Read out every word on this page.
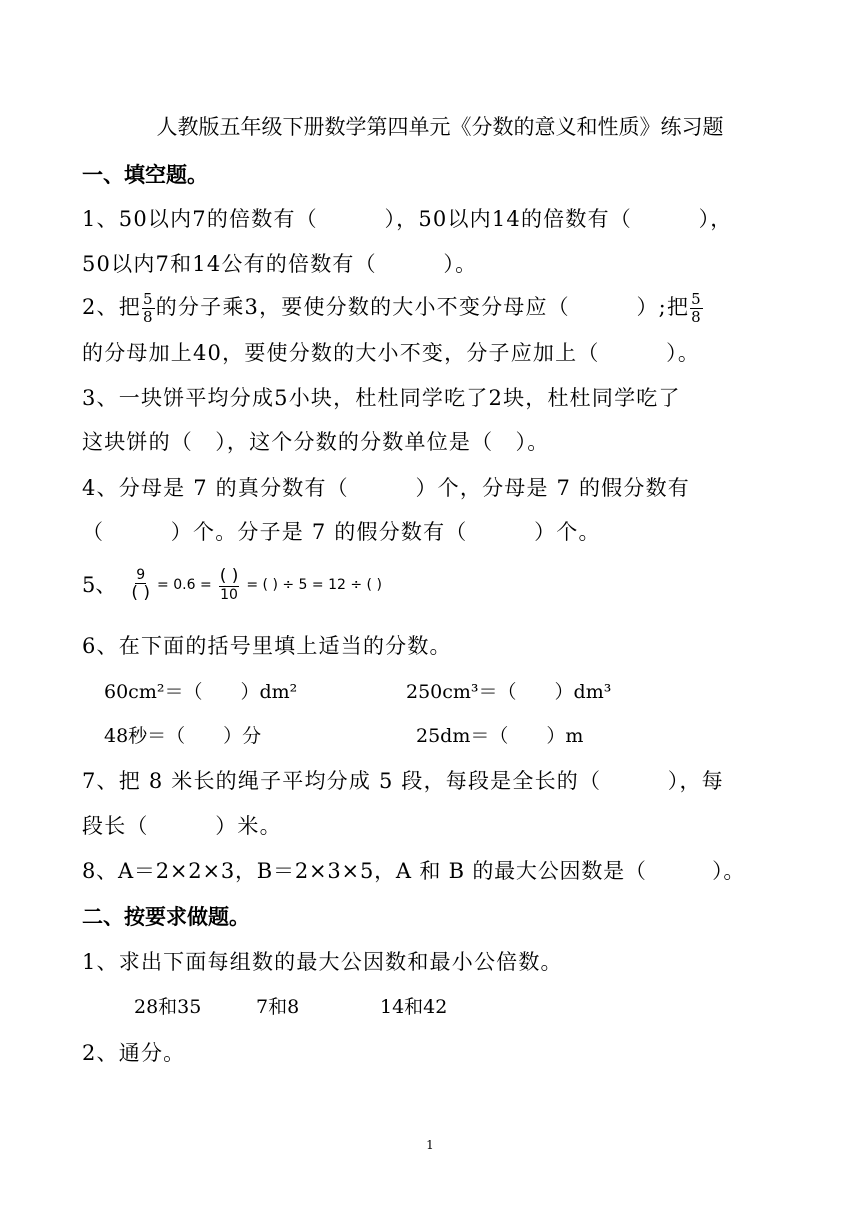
人教版五年级下册数学第四单元《分数的意义和性质》练习题
一、填空题。
1、50以内7的倍数有（　　　），50以内14的倍数有（　　　），
50以内7和14公有的倍数有（　　　）。
2、把 $\frac{5}{8}$ 的分子乘3，要使分数的大小不变分母应（　　　）;把 $\frac{5}{8}$
的分母加上40，要使分数的大小不变，分子应加上（　　　）。
3、一块饼平均分成5小块，杜杜同学吃了2块，杜杜同学吃了
这块饼的（　），这个分数的分数单位是（　）。
4、分母是 7 的真分数有（　　　）个，分母是 7 的假分数有
（　　　）个。分子是 7 的假分数有（　　　）个。
5、 $\frac{9}{( )} = 0.6 = \frac{( )}{10}$ = ( ) ÷ 5 = 12 ÷ ( )
6、在下面的括号里填上适当的分数。
60cm²＝（　　）dm²	250cm³＝（　　）dm³
48秒＝（　　）分	25dm＝（　　）m
7、把 8 米长的绳子平均分成 5 段，每段是全长的（　　　），每
段长（　　　）米。
8、A＝2×2×3，B＝2×3×5，A 和 B 的最大公因数是（　　　）。
二、按要求做题。
1、求出下面每组数的最大公因数和最小公倍数。
28和35	7和8	14和42
2、通分。
1
